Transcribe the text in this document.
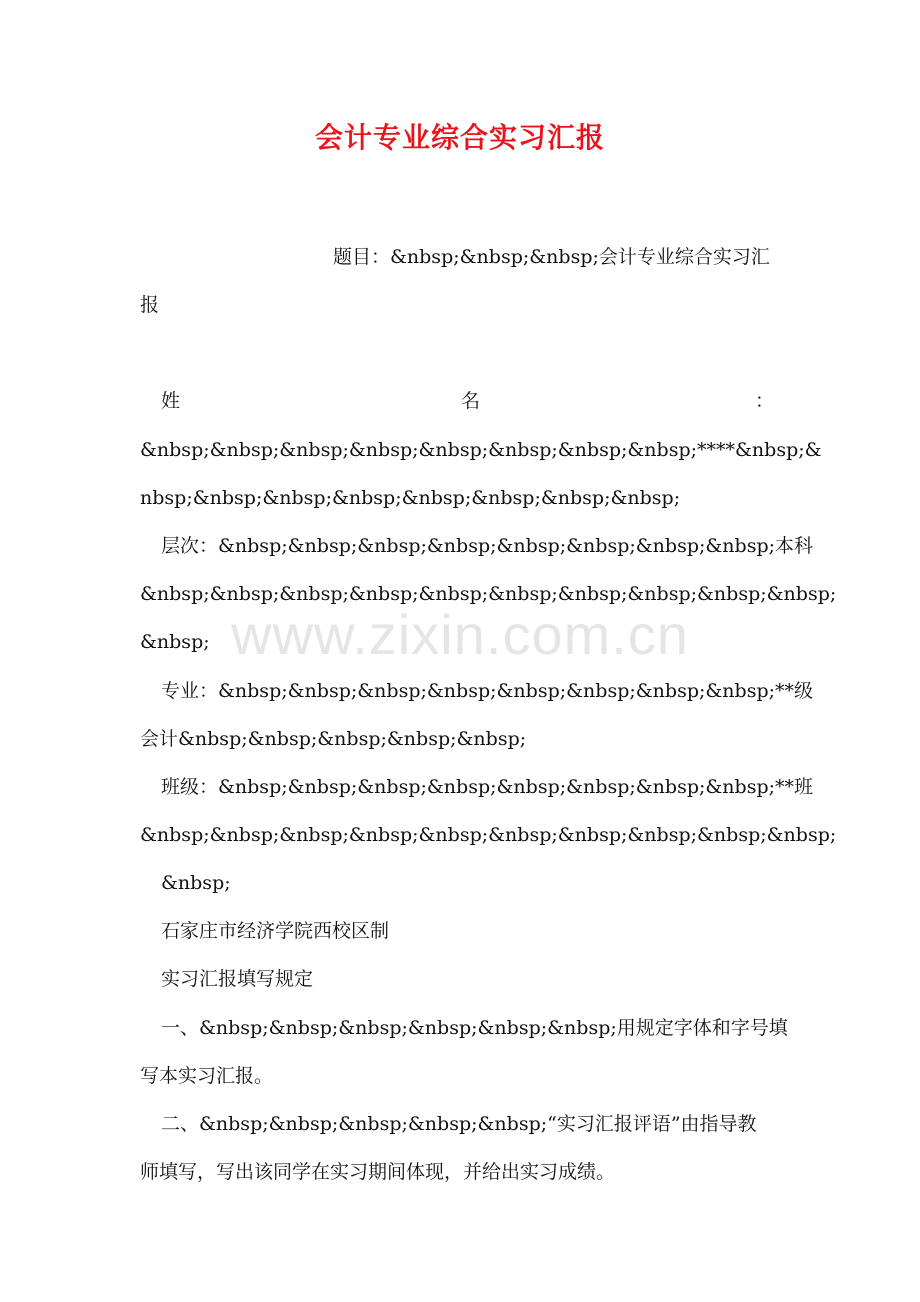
会计专业综合实习汇报
题目：&nbsp;&nbsp;&nbsp;会计专业综合实习汇
报
姓	名	：
&nbsp;&nbsp;&nbsp;&nbsp;&nbsp;&nbsp;&nbsp;&nbsp;****&nbsp;&
nbsp;&nbsp;&nbsp;&nbsp;&nbsp;&nbsp;&nbsp;&nbsp;
层次：&nbsp;&nbsp;&nbsp;&nbsp;&nbsp;&nbsp;&nbsp;&nbsp;本科
&nbsp;&nbsp;&nbsp;&nbsp;&nbsp;&nbsp;&nbsp;&nbsp;&nbsp;&nbsp;
&nbsp;
专业：&nbsp;&nbsp;&nbsp;&nbsp;&nbsp;&nbsp;&nbsp;&nbsp;**级
会计&nbsp;&nbsp;&nbsp;&nbsp;&nbsp;
班级：&nbsp;&nbsp;&nbsp;&nbsp;&nbsp;&nbsp;&nbsp;&nbsp;**班
&nbsp;&nbsp;&nbsp;&nbsp;&nbsp;&nbsp;&nbsp;&nbsp;&nbsp;&nbsp;
&nbsp;
石家庄市经济学院西校区制
实习汇报填写规定
一、&nbsp;&nbsp;&nbsp;&nbsp;&nbsp;&nbsp;用规定字体和字号填
写本实习汇报。
二、&nbsp;&nbsp;&nbsp;&nbsp;&nbsp;“实习汇报评语”由指导教
师填写，写出该同学在实习期间体现，并给出实习成绩。
www.zixin.com.cn
